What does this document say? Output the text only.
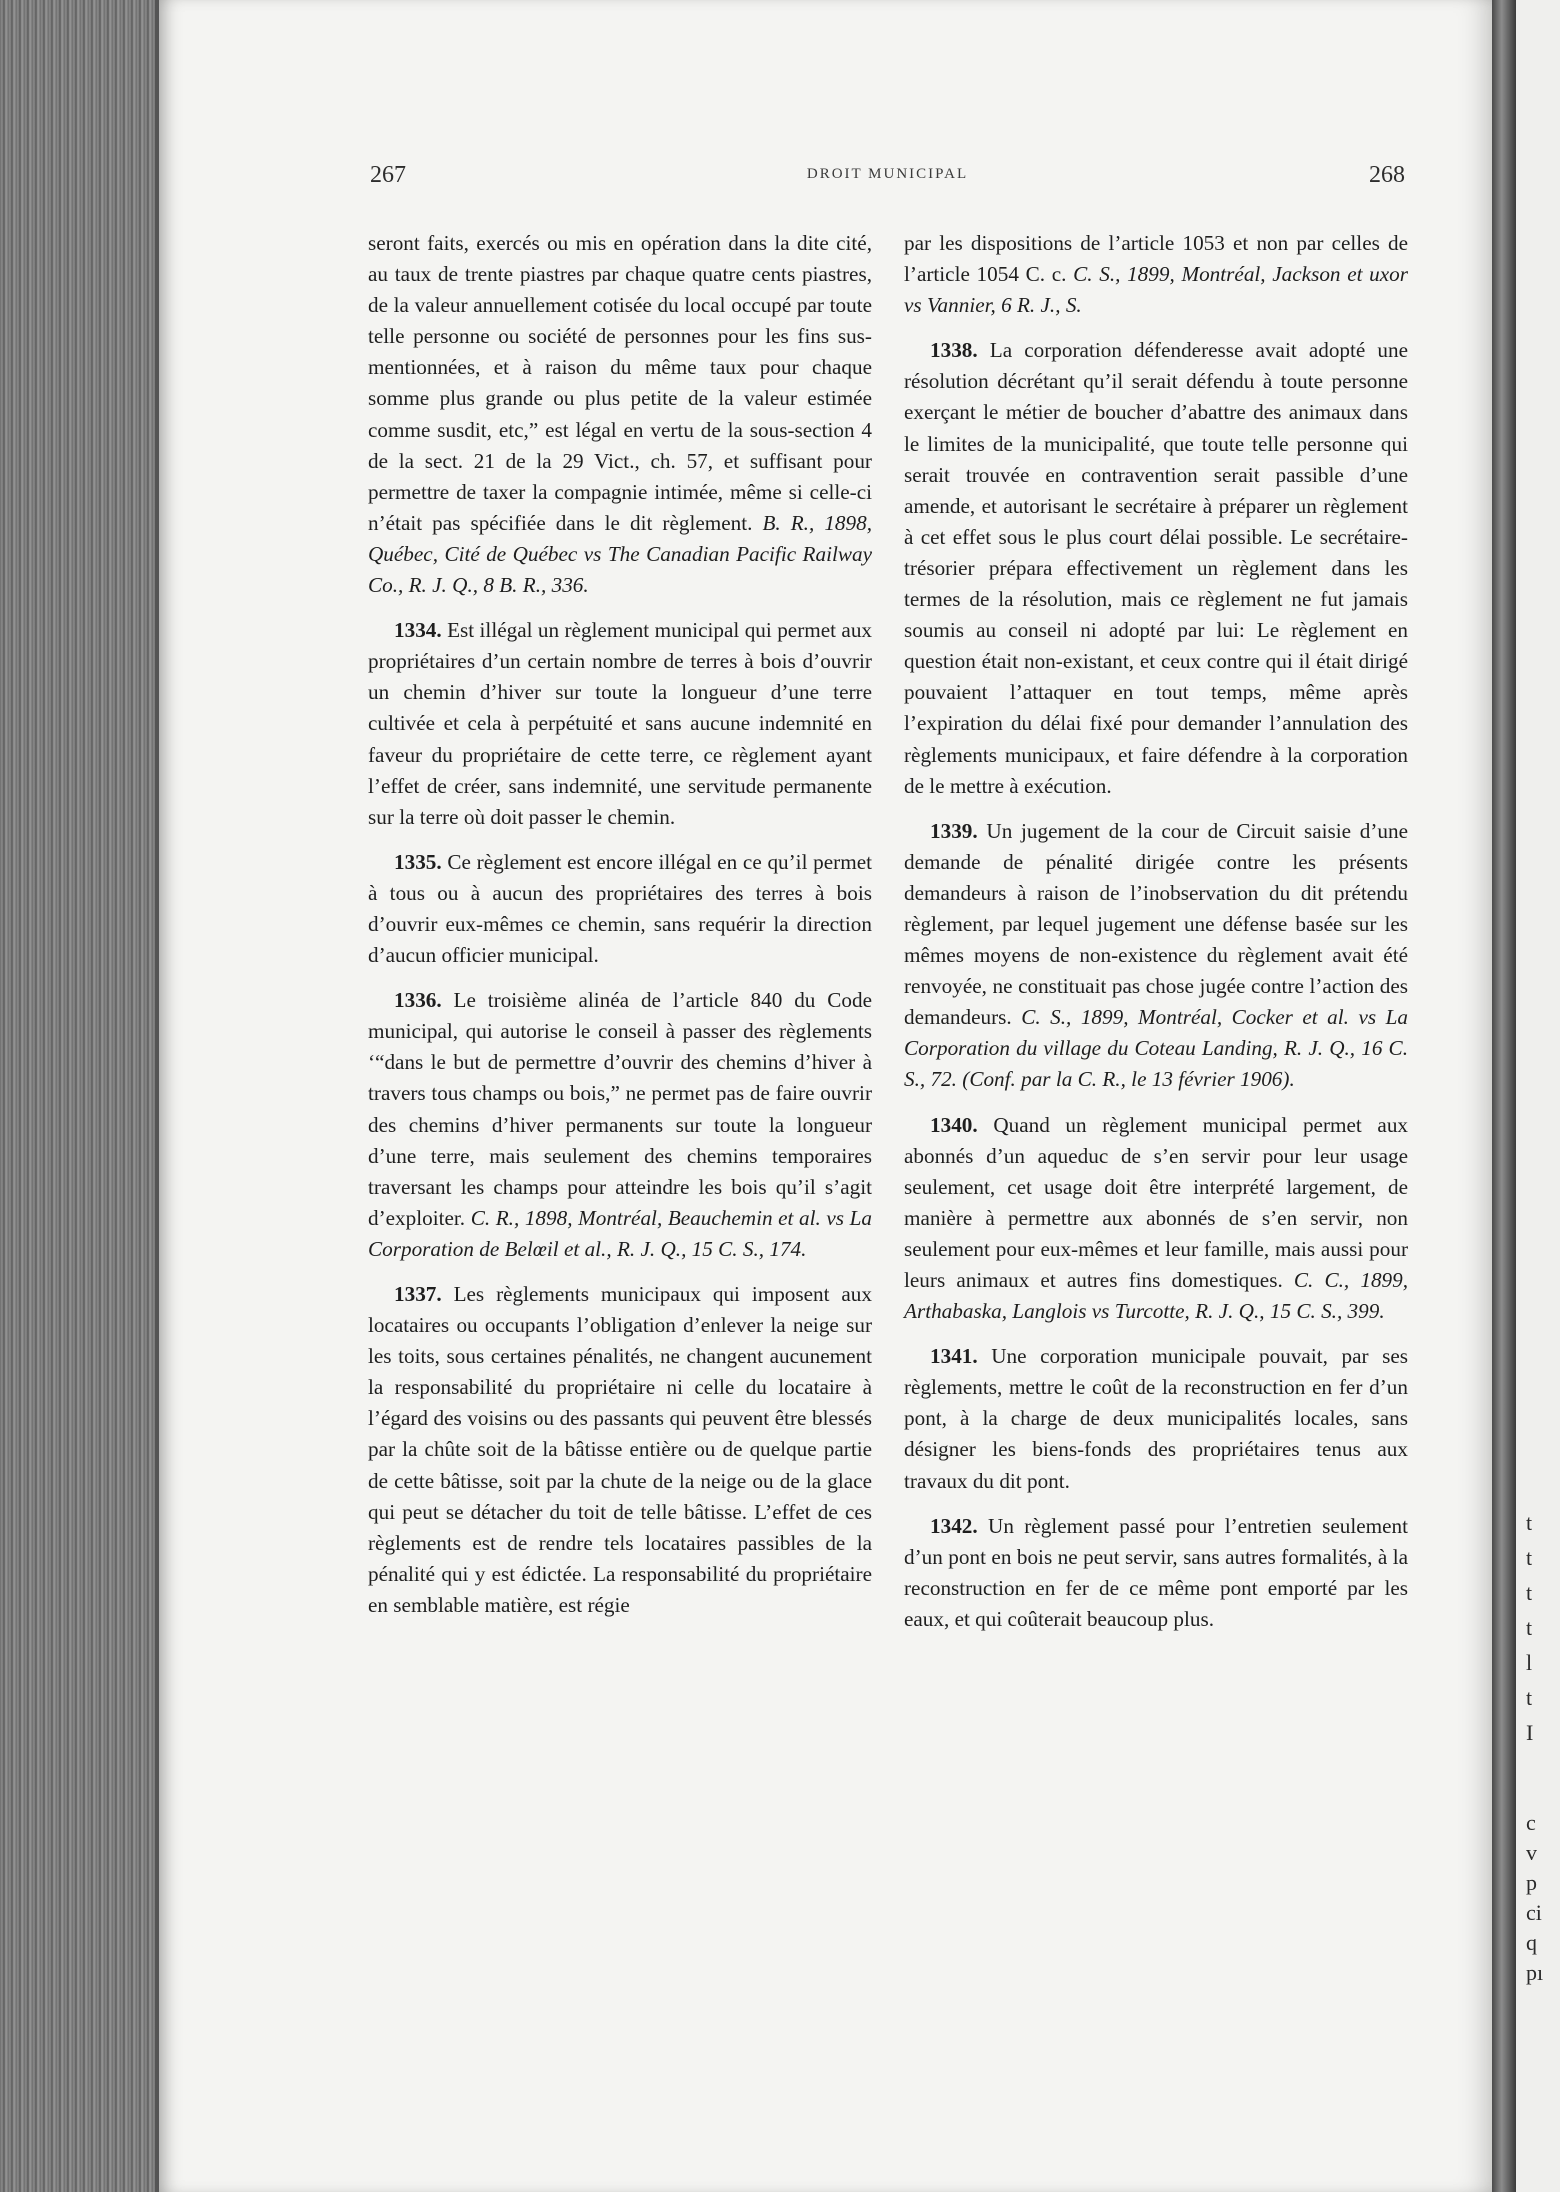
t
t
t
t
l
t
I
c
v
p
ci
q
pı
267	DROIT MUNICIPAL	268

seront faits, exercés ou mis en opération dans la dite cité, au taux de trente piastres par chaque quatre cents piastres, de la valeur annuellement cotisée du local occupé par toute telle personne ou société de personnes pour les fins sus-mentionnées, et à raison du même taux pour chaque somme plus grande ou plus petite de la valeur estimée comme susdit, etc,” est légal en vertu de la sous-section 4 de la sect. 21 de la 29 Vict., ch. 57, et suffisant pour permettre de taxer la compagnie intimée, même si celle-ci n’était pas spécifiée dans le dit règlement. B. R., 1898, Québec, Cité de Québec vs The Canadian Pacific Railway Co., R. J. Q., 8 B. R., 336.

1334. Est illégal un règlement municipal qui permet aux propriétaires d’un certain nombre de terres à bois d’ouvrir un chemin d’hiver sur toute la longueur d’une terre cultivée et cela à perpétuité et sans aucune indemnité en faveur du propriétaire de cette terre, ce règlement ayant l’effet de créer, sans indemnité, une servitude permanente sur la terre où doit passer le chemin.

1335. Ce règlement est encore illégal en ce qu’il permet à tous ou à aucun des propriétaires des terres à bois d’ouvrir eux-mêmes ce chemin, sans requérir la direction d’aucun officier municipal.

1336. Le troisième alinéa de l’article 840 du Code municipal, qui autorise le conseil à passer des règlements ‘“dans le but de permettre d’ouvrir des chemins d’hiver à travers tous champs ou bois,” ne permet pas de faire ouvrir des chemins d’hiver permanents sur toute la longueur d’une terre, mais seulement des chemins temporaires traversant les champs pour atteindre les bois qu’il s’agit d’exploiter. C. R., 1898, Montréal, Beauchemin et al. vs La Corporation de Belœil et al., R. J. Q., 15 C. S., 174.

1337. Les règlements municipaux qui imposent aux locataires ou occupants l’obligation d’enlever la neige sur les toits, sous certaines pénalités, ne changent aucunement la responsabilité du propriétaire ni celle du locataire à l’égard des voisins ou des passants qui peuvent être blessés par la chûte soit de la bâtisse entière ou de quelque partie de cette bâtisse, soit par la chute de la neige ou de la glace qui peut se détacher du toit de telle bâtisse. L’effet de ces règlements est de rendre tels locataires passibles de la pénalité qui y est édictée. La responsabilité du propriétaire en semblable matière, est régie

par les dispositions de l’article 1053 et non par celles de l’article 1054 C. c. C. S., 1899, Montréal, Jackson et uxor vs Vannier, 6 R. J., S.

1338. La corporation défenderesse avait adopté une résolution décrétant qu’il serait défendu à toute personne exerçant le métier de boucher d’abattre des animaux dans le limites de la municipalité, que toute telle personne qui serait trouvée en contravention serait passible d’une amende, et autorisant le secrétaire à préparer un règlement à cet effet sous le plus court délai possible. Le secrétaire-trésorier prépara effectivement un règlement dans les termes de la résolution, mais ce règlement ne fut jamais soumis au conseil ni adopté par lui: Le règlement en question était non-existant, et ceux contre qui il était dirigé pouvaient l’attaquer en tout temps, même après l’expiration du délai fixé pour demander l’annulation des règlements municipaux, et faire défendre à la corporation de le mettre à exécution.

1339. Un jugement de la cour de Circuit saisie d’une demande de pénalité dirigée contre les présents demandeurs à raison de l’inobservation du dit prétendu règlement, par lequel jugement une défense basée sur les mêmes moyens de non-existence du règlement avait été renvoyée, ne constituait pas chose jugée contre l’action des demandeurs. C. S., 1899, Montréal, Cocker et al. vs La Corporation du village du Coteau Landing, R. J. Q., 16 C. S., 72. (Conf. par la C. R., le 13 février 1906).

1340. Quand un règlement municipal permet aux abonnés d’un aqueduc de s’en servir pour leur usage seulement, cet usage doit être interprété largement, de manière à permettre aux abonnés de s’en servir, non seulement pour eux-mêmes et leur famille, mais aussi pour leurs animaux et autres fins domestiques. C. C., 1899, Arthabaska, Langlois vs Turcotte, R. J. Q., 15 C. S., 399.

1341. Une corporation municipale pouvait, par ses règlements, mettre le coût de la reconstruction en fer d’un pont, à la charge de deux municipalités locales, sans désigner les biens-fonds des propriétaires tenus aux travaux du dit pont.

1342. Un règlement passé pour l’entretien seulement d’un pont en bois ne peut servir, sans autres formalités, à la reconstruction en fer de ce même pont emporté par les eaux, et qui coûterait beaucoup plus.
